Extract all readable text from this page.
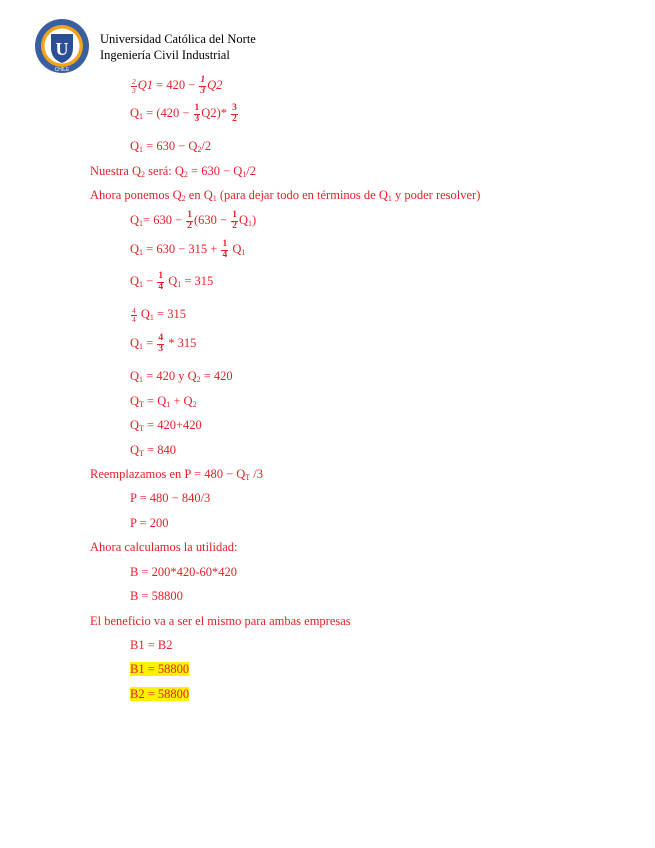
U
CHILE
Universidad Católica del Norte
Ingeniería Civil Industrial
$\frac{2}{3} Q1 = 420 - \frac{1}{3} Q2$
$Q_1 = (420 - \frac{1}{3} Q2)* \frac{3}{2}$
$Q_1 = 630 - Q_2/2$
Nuestra $Q_2$ será: $Q_2 = 630 - Q_1/2$
Ahora ponemos $Q_2$ en $Q_1$ (para dejar todo en términos de $Q_1$ y poder resolver)
$Q_1= 630 - \frac{1}{2} (630 - \frac{1}{2} Q_1)$
$Q_1 = 630 - 315 + \frac{1}{4} Q_1$
$Q_1 - \frac{1}{4} Q_1 = 315$
$\frac{4}{4} Q_1 = 315$
$Q_1 = \frac{4}{3} * 315$
$Q_1 = 420$ y $Q_2 = 420$
$Q_T = Q_1 + Q_2$
$Q_T = 420+420$
$Q_T = 840$
Reemplazamos en $P = 480 - Q_T$ /3
P = 480 − 840/3
P = 200
Ahora calculamos la utilidad:
B = 200*420-60*420
B = 58800
El beneficio va a ser el mismo para ambas empresas
B1 = B2
B1 = 58800
B2 = 58800
